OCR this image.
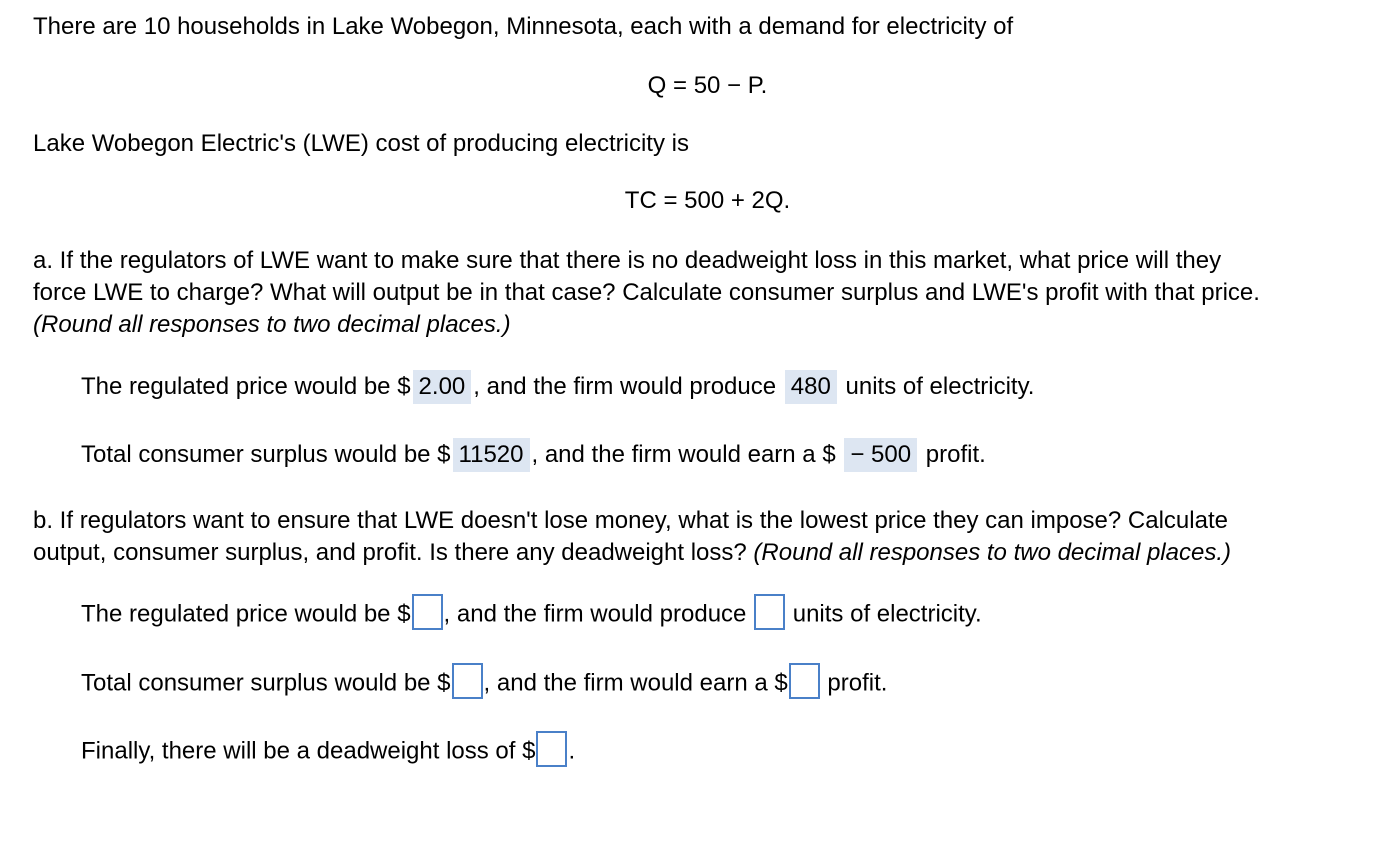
There are 10 households in Lake Wobegon, Minnesota, each with a demand for electricity of

Q = 50 − P.

Lake Wobegon Electric's (LWE) cost of producing electricity is

TC = 500 + 2Q.

a. If the regulators of LWE want to make sure that there is no deadweight loss in this market, what price will they
force LWE to charge? What will output be in that case? Calculate consumer surplus and LWE's profit with that price.
(Round all responses to two decimal places.)
The regulated price would be $ 2.00 , and the firm would produce 480 units of electricity.
Total consumer surplus would be $ 11520 , and the firm would earn a $ − 500 profit.
b. If regulators want to ensure that LWE doesn't lose money, what is the lowest price they can impose? Calculate
output, consumer surplus, and profit. Is there any deadweight loss? (Round all responses to two decimal places.)
The regulated price would be $ , and the firm would produce units of electricity.
Total consumer surplus would be $ , and the firm would earn a $ profit.
Finally, there will be a deadweight loss of $ .
